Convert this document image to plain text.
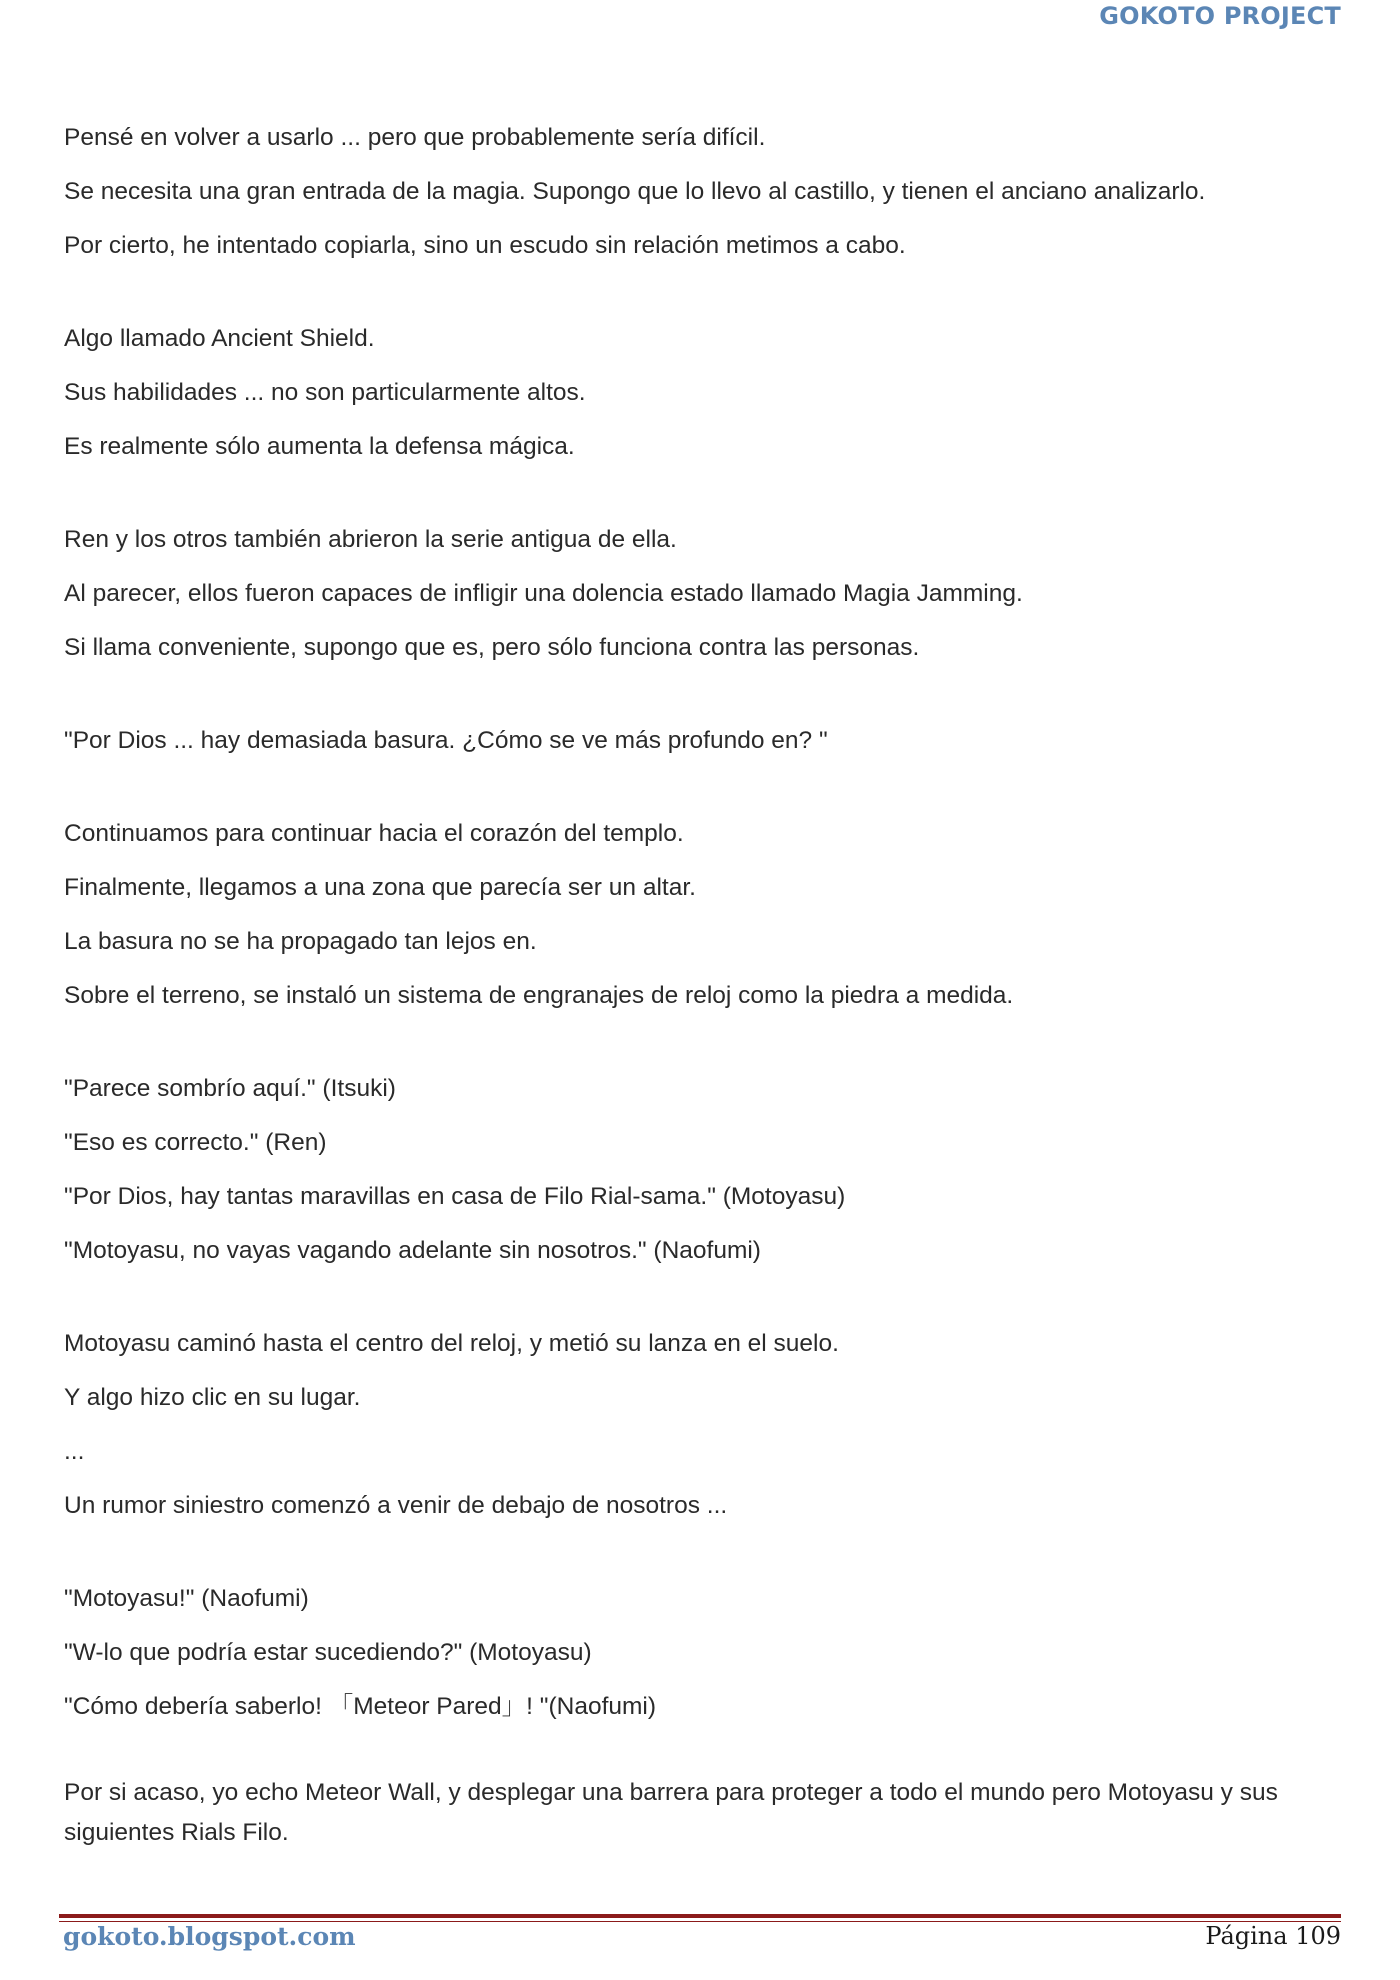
GOKOTO PROJECT
Pensé en volver a usarlo ... pero que probablemente sería difícil.
Se necesita una gran entrada de la magia. Supongo que lo llevo al castillo, y tienen el anciano analizarlo.
Por cierto, he intentado copiarla, sino un escudo sin relación metimos a cabo.
Algo llamado Ancient Shield.
Sus habilidades ... no son particularmente altos.
Es realmente sólo aumenta la defensa mágica.
Ren y los otros también abrieron la serie antigua de ella.
Al parecer, ellos fueron capaces de infligir una dolencia estado llamado Magia Jamming.
Si llama conveniente, supongo que es, pero sólo funciona contra las personas.
"Por Dios ... hay demasiada basura. ¿Cómo se ve más profundo en? "
Continuamos para continuar hacia el corazón del templo.
Finalmente, llegamos a una zona que parecía ser un altar.
La basura no se ha propagado tan lejos en.
Sobre el terreno, se instaló un sistema de engranajes de reloj como la piedra a medida.
"Parece sombrío aquí." (Itsuki)
"Eso es correcto." (Ren)
"Por Dios, hay tantas maravillas en casa de Filo Rial-sama." (Motoyasu)
"Motoyasu, no vayas vagando adelante sin nosotros." (Naofumi)
Motoyasu caminó hasta el centro del reloj, y metió su lanza en el suelo.
Y algo hizo clic en su lugar.
...
Un rumor siniestro comenzó a venir de debajo de nosotros ...
"Motoyasu!" (Naofumi)
"W-lo que podría estar sucediendo?" (Motoyasu)
"Cómo debería saberlo! 「Meteor Pared」! "(Naofumi)
Por si acaso, yo echo Meteor Wall, y desplegar una barrera para proteger a todo el mundo pero Motoyasu y sus siguientes Rials Filo.
gokoto.blogspot.com	Página 109
